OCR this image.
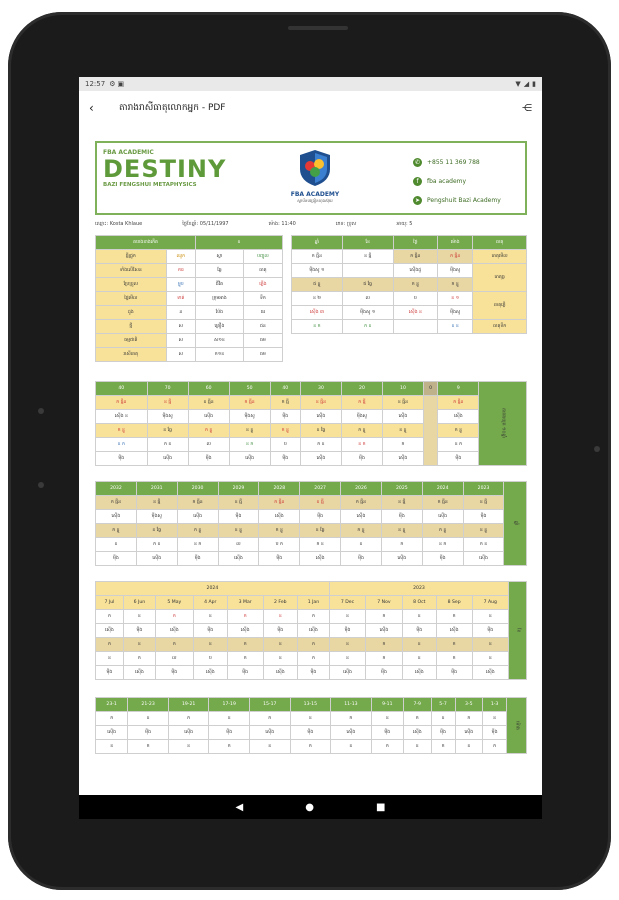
12:57 ⚙ ▣	▼ ◢ ▮
‹	តារាងរាសីធាតុលោកអ្នក - PDF	⋲
FBA ACADEMIC
DESTINY
BAZI FENGSHUI METAPHYSICS
FBA ACADEMY
ស្ថាប័នបង្រៀនហុងស៊ុយ
✆ +855 11 369 788
f fba academy
➤ Pengshuit Bazi Academy
ឈ្មោះ: Kosta Khlaue	ថ្ងៃខែឆ្នាំ: 05/11/1997	ម៉ោង: 11:40	ភេទ: ប្រុស	អាយុ: 5
តារាងខាងកើត		ខ	
ធ្មីជ្រូក	ឈូក	ស្វា	បញ្ចូល
ទាំងលើសែន	ការ	ឆ្កែ	ធាតុ
ប្រែប្រួល	ម្ហូប	ជីវិត	ភ្លើង
ផ្ទៃមើល	ទាត់	ក្រុមអាង	ទឹក
ដួង	ន	ប៉ែង	ធរ
ថ្មី	ស	គ្រឿង	ជន
ធម្មជាតិ	ស	ស១ខ	ធម
រាសីធាតុ	ស	ក១ខ	ធម
ឆ្នាំ	ខែ	ថ្ងៃ	ម៉ោង	ធាតុ
ក ធ្មីន	ខ ធ្មី	ក ធ្មីន	ក ធ្មីន	ធាតុមើល
ម៉ីងសូ ១		ស៊ើងដូ	ម៉ីងសូ	ធាតុធ្ង
ជ ខ្លួ	ជ ធ្លែ	ក ខ្លួ	ក ខ្លួ	
ខ ២	ល	ប	ខ ១	ធាតុភ្លើ
ស៊ើង ៣	ម៉ីងសូ ១	ស៊ើង ខ	ម៉ីងសូ	
ខ ក	ក ខ		ខ ខ	ធាតុទឹក
40	70	60	50	40	30	20	10	0	9	តារាងយុគ ១០ឆ្នាំ
ក ធ្មីន	ខ ធ្មី	ខ ធ្មីន	ក ធ្មីន	ក ធ្មី	ខ ធ្មីន	ក ធ្មី	ខ ធ្មីន		ក ធ្មីន	
ស៊ើង ខ	ម៉ីងសូ	ស៊ើង	ម៉ីងសូ	ម៉ីង	ស៊ើង	ម៉ីងសូ	ស៊ើង		ស៊ើង	
ក ខ្លួ	ខ ធ្លែ	ក ខ្លួ	ខ ខ្លួ	ក ខ្លួ	ខ ធ្លែ	ក ខ្លួ	ខ ខ្លួ		ក ខ្លួ	
ខ ក	ក ខ	ល	ខ ក	ប	ក ខ	ខ ក	ក		ខ ក	
ម៉ីង	ស៊ើង	ម៉ីង	ស៊ើង	ម៉ីង	ស៊ើង	ម៉ីង	ស៊ើង		ម៉ីង	
2032	2031	2030	2029	2028	2027	2026	2025	2024	2023	ឆ្នាំ
ក ធ្មីន	ខ ធ្មី	ក ធ្មីន	ខ ធ្មី	ក ធ្មីន	ខ ធ្មី	ក ធ្មីន	ខ ធ្មី	ក ធ្មីន	ខ ធ្មី	
ស៊ើង	ម៉ីងសូ	ស៊ើង	ម៉ីង	ស៊ើង	ម៉ីង	ស៊ើង	ម៉ីង	ស៊ើង	ម៉ីង	
ក ខ្លួ	ខ ធ្លែ	ក ខ្លួ	ខ ខ្លួ	ក ខ្លួ	ខ ធ្លែ	ក ខ្លួ	ខ ខ្លួ	ក ខ្លួ	ខ ខ្លួ	
ខ	ក ខ	ខ ក	ល	ប ក	ក ខ	ខ	ក	ខ ក	ក ខ	
ម៉ីង	ស៊ើង	ម៉ីង	ស៊ើង	ម៉ីង	ស៊ើង	ម៉ីង	ស៊ើង	ម៉ីង	ស៊ើង	
2024							2023					ខែ
7 Jul	6 Jun	5 May	4 Apr	3 Mar	2 Feb	1 Jan	7 Dec	7 Nov	8 Oct	8 Sep	7 Aug	
ក	ខ	ក	ខ	ក	ខ	ក	ខ	ក	ខ	ក	ខ	
ស៊ើង	ម៉ីង	ស៊ើង	ម៉ីង	ស៊ើង	ម៉ីង	ស៊ើង	ម៉ីង	ស៊ើង	ម៉ីង	ស៊ើង	ម៉ីង	
ក	ខ	ក	ខ	ក	ខ	ក	ខ	ក	ខ	ក	ខ	
ខ	ក	ល	ប	ក	ខ	ក	ខ	ក	ខ	ក	ខ	
ម៉ីង	ស៊ើង	ម៉ីង	ស៊ើង	ម៉ីង	ស៊ើង	ម៉ីង	ស៊ើង	ម៉ីង	ស៊ើង	ម៉ីង	ស៊ើង	
23-1	21-23	19-21	17-19	15-17	13-15	11-13	9-11	7-9	5-7	3-5	1-3	ម៉ោង
ក	ខ	ក	ខ	ក	ខ	ក	ខ	ក	ខ	ក	ខ	
ស៊ើង	ម៉ីង	ស៊ើង	ម៉ីង	ស៊ើង	ម៉ីង	ស៊ើង	ម៉ីង	ស៊ើង	ម៉ីង	ស៊ើង	ម៉ីង	
ខ	ក	ខ	ក	ខ	ក	ខ	ក	ខ	ក	ខ	ក	
◀	●	■
